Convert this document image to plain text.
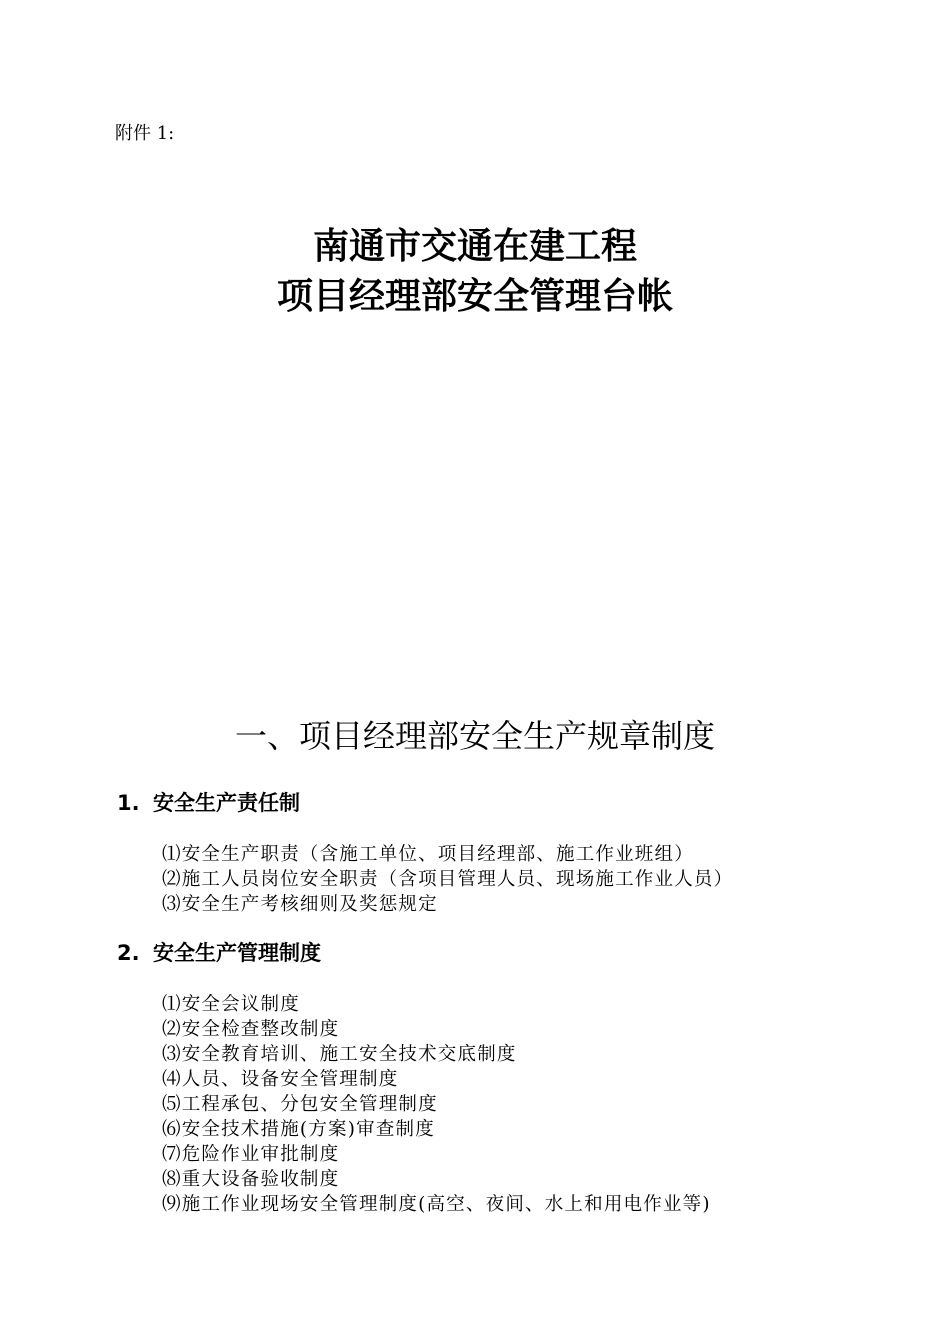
附件 1:
南通市交通在建工程
项目经理部安全管理台帐
一、项目经理部安全生产规章制度
1. 安全生产责任制
⑴安全生产职责（含施工单位、项目经理部、施工作业班组）
⑵施工人员岗位安全职责（含项目管理人员、现场施工作业人员）
⑶安全生产考核细则及奖惩规定
2. 安全生产管理制度
⑴安全会议制度
⑵安全检查整改制度
⑶安全教育培训、施工安全技术交底制度
⑷人员、设备安全管理制度
⑸工程承包、分包安全管理制度
⑹安全技术措施(方案)审查制度
⑺危险作业审批制度
⑻重大设备验收制度
⑼施工作业现场安全管理制度(高空、夜间、水上和用电作业等)
